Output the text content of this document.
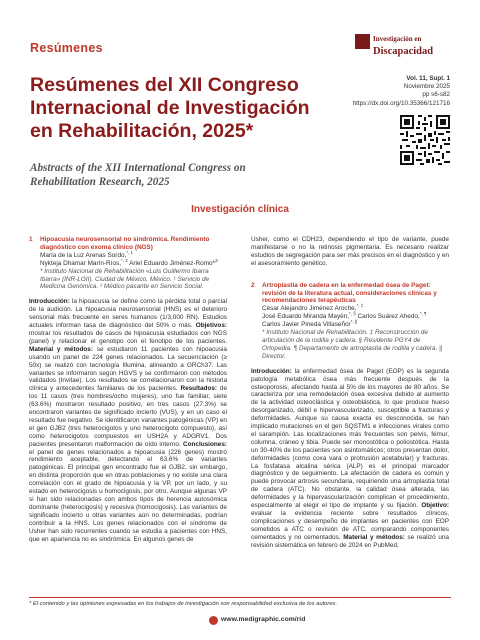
Resúmenes
Resúmenes del XII Congreso Internacional de Investigación en Rehabilitación, 2025*
Abstracts of the XII International Congress on Rehabilitation Research, 2025
Investigación en
Discapacidad
Vol. 11, Supl. 1
Noviembre 2025
pp s6-s82
https://dx.doi.org/10.35366/121716
Investigación clínica
1	Hipoacusia neurosensorial no sindrómica. Rendimiento diagnóstico con exoma clínico (NGS)
María de la Luz Arenas Sordo,$^{*, 1}$
Nykteja Dhamar Marín-Ríos,$^{*, 2}$ Ariel Eduardo Jiménez-Romo*$^3$
* Instituto Nacional de Rehabilitación «Luis Guillermo Ibarra Ibarra» (INR-LGII). Ciudad de México, México. ¹ Servicio de Medicina Genómica. ² Médico pasante en Servicio Social.

Introducción: la hipoacusia se define como la pérdida total o parcial de la audición. La hipoacusia neurosensorial (HNS) es el deterioro sensorial más frecuente en seres humanos (1/3,000 RN). Estudios actuales informan tasa de diagnóstico del 50% o más. Objetivos: mostrar los resultados de casos de hipoacusia estudiados con NGS (panel) y relacionar el genotipo con el fenotipo de los pacientes. Material y métodos: se estudiaron 11 pacientes con hipoacusia usando un panel de 224 genes relacionados. La secuenciación (≥ 50x) se realizó con tecnología Illumina, alineando a GRCh37. Las variantes se informaron según HGVS y se confirmaron con métodos validados (Invitae). Los resultados se correlacionaron con la historia clínica y antecedentes familiares de los pacientes. Resultados: de los 11 casos (tres hombres/ocho mujeres), uno fue familiar, siete (63.6%) mostraron resultado positivo, en tres casos (27.3%) se encontraron variantes de significado incierto (VUS), y en un caso el resultado fue negativo. Se identificaron variantes patogénicas (VP) en el gen GJB2 (tres heterocigotos y uno heterocigoto compuesto), así como heterocigotos compuestos en USH2A y ADGRV1. Dos pacientes presentaron malformación de oído interno. Conclusiones: el panel de genes relacionados a hipoacusia (226 genes) mostró rendimiento aceptable, detectando el 63.6% de variantes patogénicas. El principal gen encontrado fue el GJB2, sin embargo, en distinta proporción que en otras poblaciones y no existe una clara correlación con el grado de hipoacusia y la VP, por un lado, y su estado en heterocigosis u homocigosis, por otro. Aunque algunas VP si han sido relacionadas con ambos tipos de herencia autosómica dominante (heterocigosis) y recesiva (homocigosis). Las variantes de significado incierto u otras variantes aún no determinadas, podrían contribuir a la HNS. Los genes relacionados con el síndrome de Usher han sido recurrentes cuando se estudia a pacientes con HNS, que en apariencia no es sindrómica. En algunos genes de

Usher, como el CDH23, dependiendo el tipo de variante, puede manifestarse o no la retinosis pigmentaria. Es necesario realizar estudios de segregación para ser más precisos en el diagnóstico y en el asesoramiento genético.

2	Artroplastia de cadera en la enfermedad ósea de Paget: revisión de la literatura actual, consideraciones clínicas y recomendaciones terapéuticas
César Alejandro Jiménez Aroche,*, ‡
José Eduardo Miranda Mayén,*, § Carlos Suárez Ahedo,*, ¶
Carlos Javier Pineda Villaseñor*, ||
* Instituto Nacional de Rehabilitación. ‡ Reconstrucción de articulación de la rodilla y cadera. § Residente PGY4 de Ortopedia. ¶ Departamento de artroplastia de rodilla y cadera. || Director.

Introducción: la enfermedad ósea de Paget (EOP) es la segunda patología metabólica ósea más frecuente después de la osteoporosis, afectando hasta al 5% de los mayores de 80 años. Se caracteriza por una remodelación ósea excesiva debido al aumento de la actividad osteoclástica y osteoblástica, lo que produce hueso desorganizado, débil e hipervascularizado, susceptible a fracturas y deformidades. Aunque su causa exacta es desconocida, se han implicado mutaciones en el gen SQSTM1 e infecciones virales como el sarampión. Las localizaciones más frecuentes son pelvis, fémur, columna, cráneo y tibia. Puede ser monostótica o poliostótica. Hasta un 30-40% de los pacientes son asintomáticos; otros presentan dolor, deformidades (como coxa vara o protrusión acetabular) y fracturas. La fosfatasa alcalina sérica (ALP) es el principal marcador diagnóstico y de seguimiento. La afectación de cadera es común y puede provocar artrosis secundaria, requiriendo una artroplastia total de cadera (ATC). No obstante, la calidad ósea alterada, las deformidades y la hipervascularización complican el procedimiento, especialmente al elegir el tipo de implante y su fijación. Objetivo: evaluar la evidencia reciente sobre resultados clínicos, complicaciones y desempeño de implantes en pacientes con EOP sometidos a ATC o revisión de ATC, comparando componentes cementados y no cementados. Material y métodos: se realizó una revisión sistemática en febrero de 2024 en PubMed,

* El contenido y las opiniones expresadas en los trabajos de investigación son responsabilidad exclusiva de los autores.
www.medigraphic.com/rid
